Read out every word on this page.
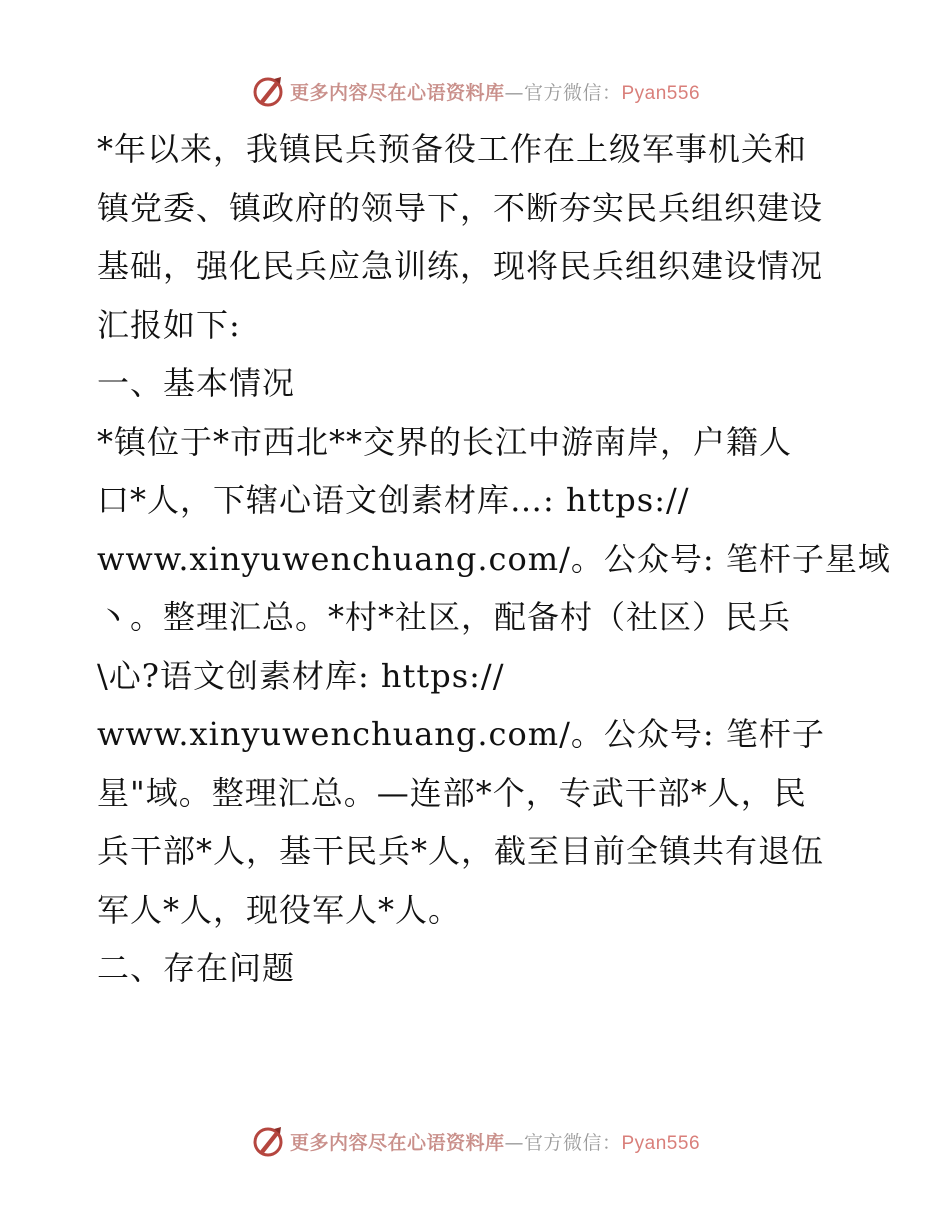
更多内容尽在心语资料库—官方微信：Pyan556
*年以来，我镇民兵预备役工作在上级军事机关和
镇党委、镇政府的领导下，不断夯实民兵组织建设
基础，强化民兵应急训练，现将民兵组织建设情况
汇报如下:
一、基本情况
*镇位于*市西北**交界的长江中游南岸，户籍人
口*人，下辖心语文创素材库…: https://
www.xinyuwenchuang.com/。公众号: 笔杆子星域
丶。整理汇总。*村*社区，配备村（社区）民兵
\心?语文创素材库: https://
www.xinyuwenchuang.com/。公众号: 笔杆子
星"域。整理汇总。—连部*个，专武干部*人，民
兵干部*人，基干民兵*人，截至目前全镇共有退伍
军人*人，现役军人*人。
二、存在问题
更多内容尽在心语资料库—官方微信：Pyan556
